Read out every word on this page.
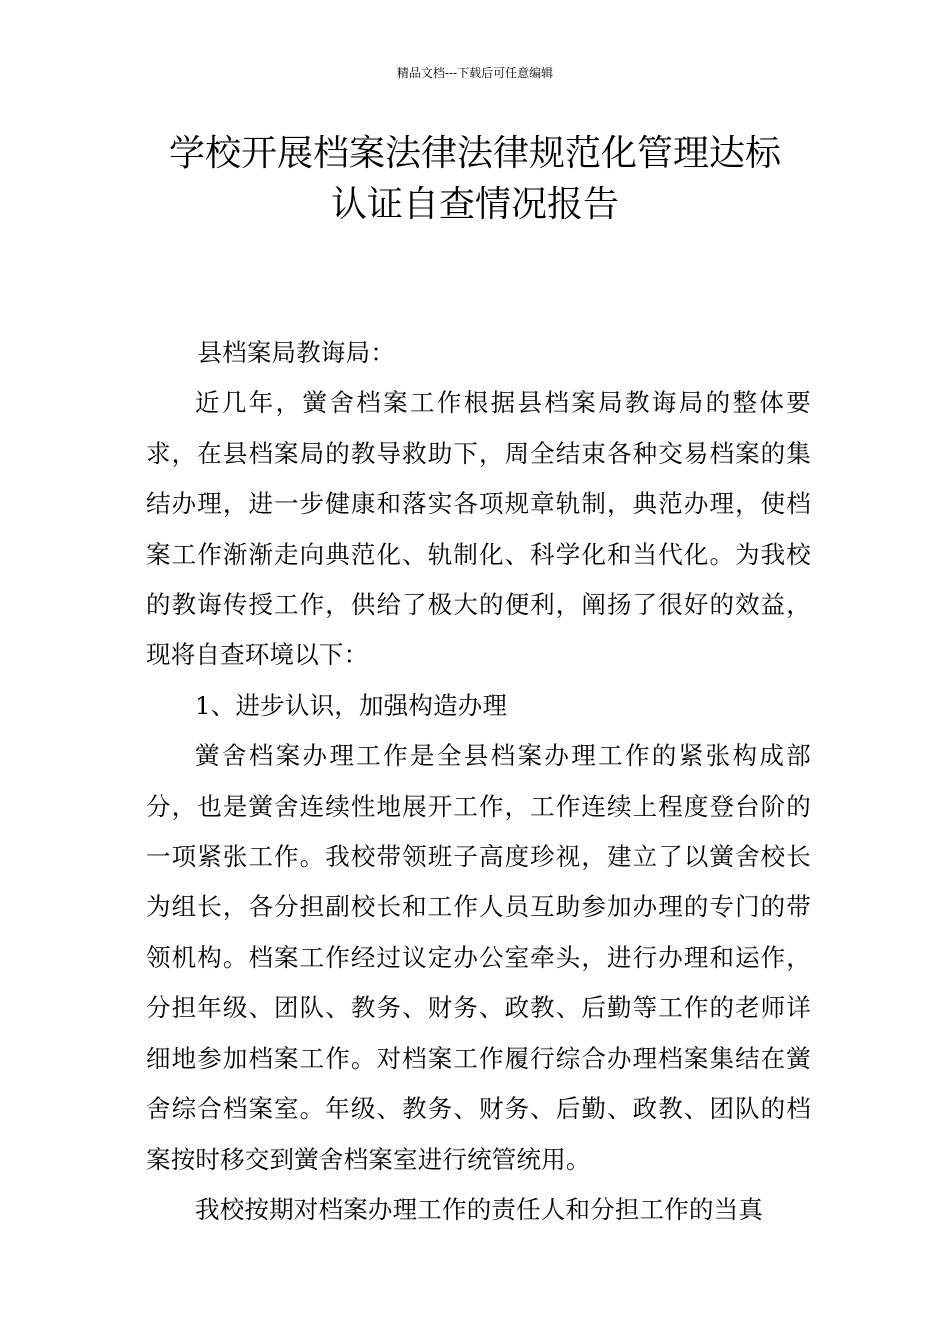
精品文档---下载后可任意编辑
学校开展档案法律法律规范化管理达标
认证自查情况报告

县档案局教诲局：

近几年，黉舍档案工作根据县档案局教诲局的整体要求，在县档案局的教导救助下，周全结束各种交易档案的集结办理，进一步健康和落实各项规章轨制，典范办理，使档案工作渐渐走向典范化、轨制化、科学化和当代化。为我校的教诲传授工作，供给了极大的便利，阐扬了很好的效益，现将自查环境以下：

1、进步认识，加强构造办理

黉舍档案办理工作是全县档案办理工作的紧张构成部分，也是黉舍连续性地展开工作，工作连续上程度登台阶的一项紧张工作。我校带领班子高度珍视，建立了以黉舍校长为组长，各分担副校长和工作人员互助参加办理的专门的带领机构。档案工作经过议定办公室牵头，进行办理和运作，分担年级、团队、教务、财务、政教、后勤等工作的老师详细地参加档案工作。对档案工作履行综合办理档案集结在黉舍综合档案室。年级、教务、财务、后勤、政教、团队的档案按时移交到黉舍档案室进行统管统用。

我校按期对档案办理工作的责任人和分担工作的当真
